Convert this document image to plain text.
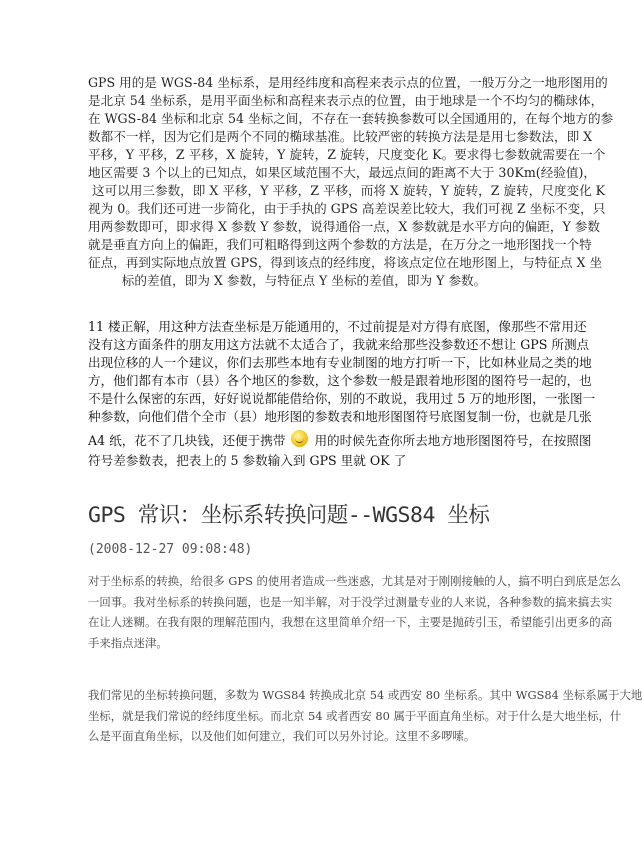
GPS 用的是 WGS-84 坐标系，是用经纬度和高程来表示点的位置，一般万分之一地形图用的
是北京 54 坐标系，是用平面坐标和高程来表示点的位置，由于地球是一个不均匀的椭球体，
在 WGS-84 坐标和北京 54 坐标之间，不存在一套转换参数可以全国通用的，在每个地方的参
数都不一样，因为它们是两个不同的椭球基准。比较严密的转换方法是是用七参数法，即 X
平移，Y 平移，Z 平移，X 旋转，Y 旋转，Z 旋转，尺度变化 K。要求得七参数就需要在一个
地区需要 3 个以上的已知点，如果区域范围不大，最远点间的距离不大于 30Km(经验值)，
这可以用三参数，即 X 平移，Y 平移，Z 平移，而将 X 旋转，Y 旋转，Z 旋转，尺度变化 K
视为 0。我们还可进一步简化，由于手执的 GPS 高差误差比较大，我们可视 Z 坐标不变，只
用两参数即可，即求得 X 参数 Y 参数，说得通俗一点，X 参数就是水平方向的偏距，Y 参数
就是垂直方向上的偏距，我们可粗略得到这两个参数的方法是，在万分之一地形图找一个特
征点，再到实际地点放置 GPS，得到该点的经纬度，将该点定位在地形图上，与特征点 X 坐
标的差值，即为 X 参数，与特征点 Y 坐标的差值，即为 Y 参数。
11 楼正解，用这种方法查坐标是万能通用的，不过前提是对方得有底图，像那些不常用还
没有这方面条件的朋友用这方法就不太适合了，我就来给那些没参数还不想让 GPS 所测点
出现位移的人一个建议，你们去那些本地有专业制图的地方打听一下，比如林业局之类的地
方，他们都有本市（县）各个地区的参数，这个参数一般是跟着地形图的图符号一起的，也
不是什么保密的东西，好好说说都能借给你，别的不敢说，我用过 5 万的地形图，一张图一
种参数，向他们借个全市（县）地形图的参数表和地形图图符号底图复制一份，也就是几张
A4 纸，花不了几块钱，还便于携带 用的时候先查你所去地方地形图图符号，在按照图
符号差参数表，把表上的 5 参数输入到 GPS 里就 OK 了
GPS 常识：坐标系转换问题--WGS84 坐标
(2008-12-27 09:08:48)
对于坐标系的转换，给很多 GPS 的使用者造成一些迷惑，尤其是对于刚刚接触的人，搞不明白到底是怎么
一回事。我对坐标系的转换问题，也是一知半解，对于没学过测量专业的人来说，各种参数的搞来搞去实
在让人迷糊。在我有限的理解范围内，我想在这里简单介绍一下，主要是抛砖引玉，希望能引出更多的高
手来指点迷津。
我们常见的坐标转换问题，多数为 WGS84 转换成北京 54 或西安 80 坐标系。其中 WGS84 坐标系属于大地
坐标，就是我们常说的经纬度坐标。而北京 54 或者西安 80 属于平面直角坐标。对于什么是大地坐标，什
么是平面直角坐标，以及他们如何建立，我们可以另外讨论。这里不多啰嗦。
